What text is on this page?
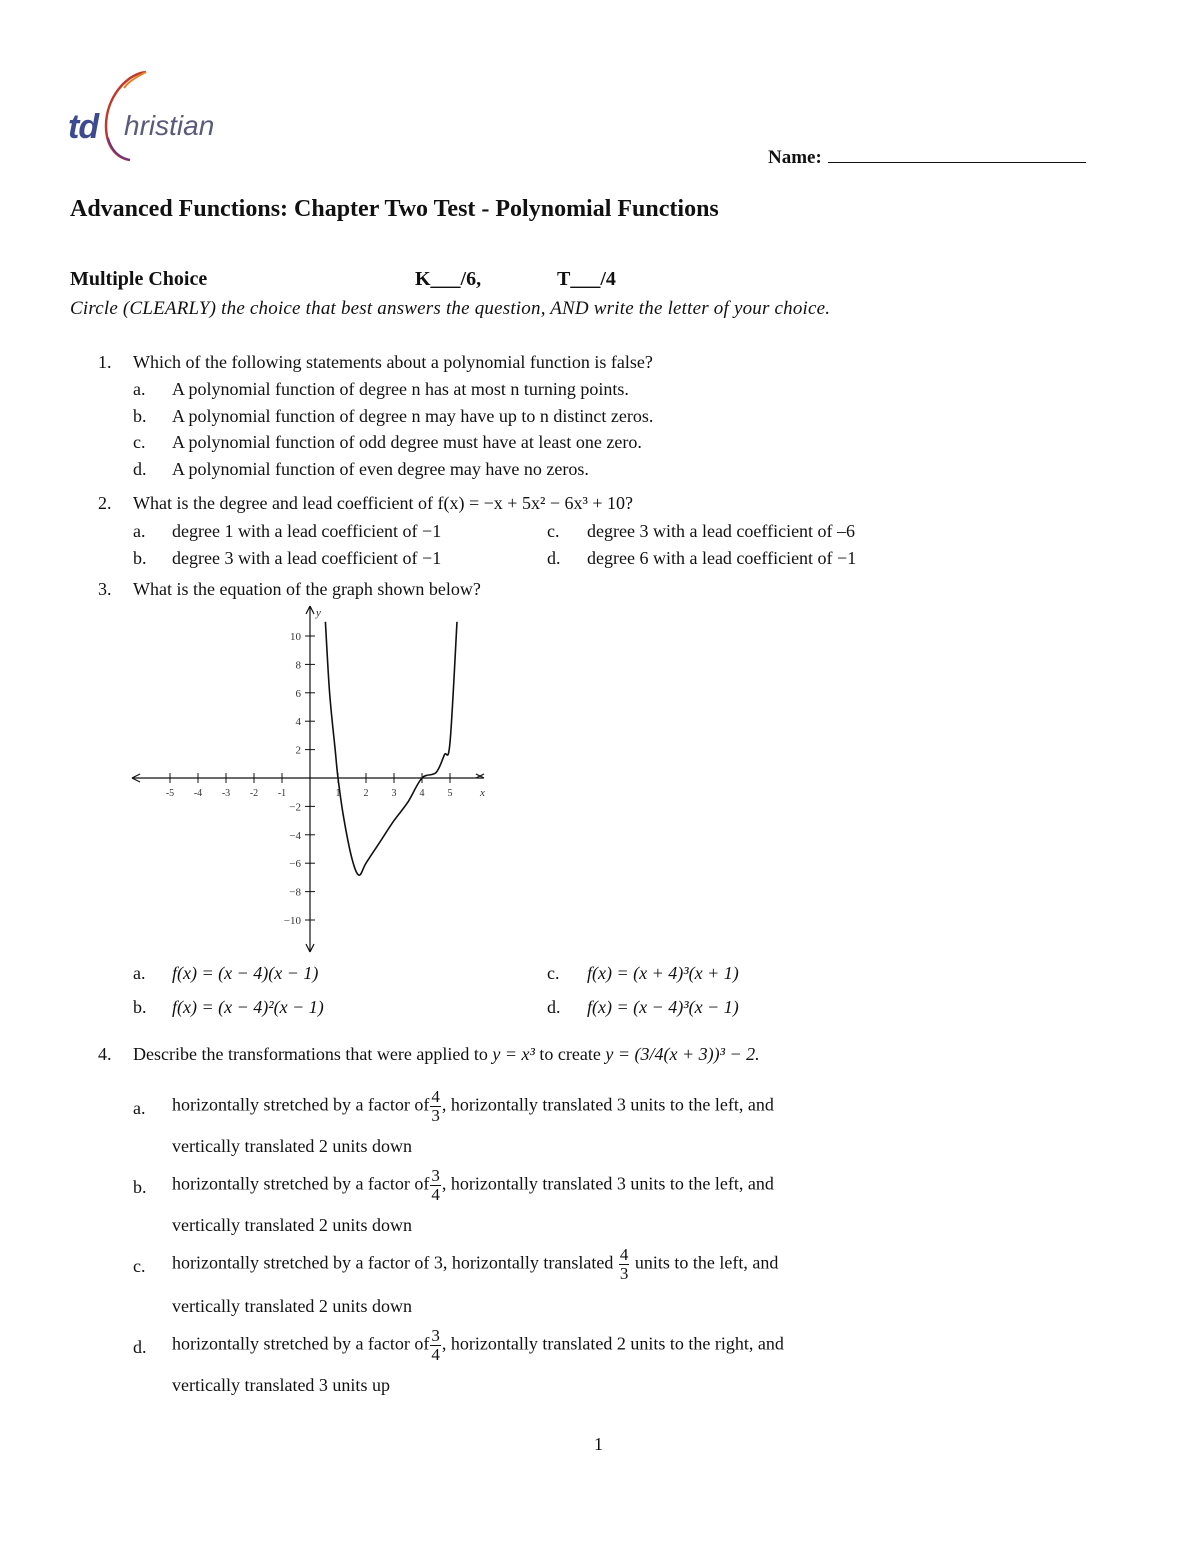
td hristian
Name:
Advanced Functions: Chapter Two Test - Polynomial Functions
Multiple Choice	K___/6,	T___/4
Circle (CLEARLY) the choice that best answers the question, AND write the letter of your choice.
1. Which of the following statements about a polynomial function is false?
a. A polynomial function of degree n has at most n turning points.
b. A polynomial function of degree n may have up to n distinct zeros.
c. A polynomial function of odd degree must have at least one zero.
d. A polynomial function of even degree may have no zeros.
2. What is the degree and lead coefficient of f(x) = −x + 5x² − 6x³ + 10?
a. degree 1 with a lead coefficient of −1	c. degree 3 with a lead coefficient of –6
b. degree 3 with a lead coefficient of −1	d. degree 6 with a lead coefficient of −1
3. What is the equation of the graph shown below?
-5 -4 -3 -2 -1	1 2 3 4 5	x
10
8
6
4
2
−2
−4
−6
−8
−10
y
a. f(x) = (x − 4)(x − 1)	c. f(x) = (x + 4)³(x + 1)
b. f(x) = (x − 4)²(x − 1)	d. f(x) = (x − 4)³(x − 1)
4. Describe the transformations that were applied to y = x³ to create y = (3/4(x + 3))³ − 2.
a. horizontally stretched by a factor of $\frac{4}{3}$ , horizontally translated 3 units to the left, and
vertically translated 2 units down
b. horizontally stretched by a factor of $\frac{3}{4}$ , horizontally translated 3 units to the left, and
vertically translated 2 units down
c. horizontally stretched by a factor of 3, horizontally translated $\frac{4}{3}$ units to the left, and
vertically translated 2 units down
d. horizontally stretched by a factor of $\frac{3}{4}$ , horizontally translated 2 units to the right, and
vertically translated 3 units up
1
